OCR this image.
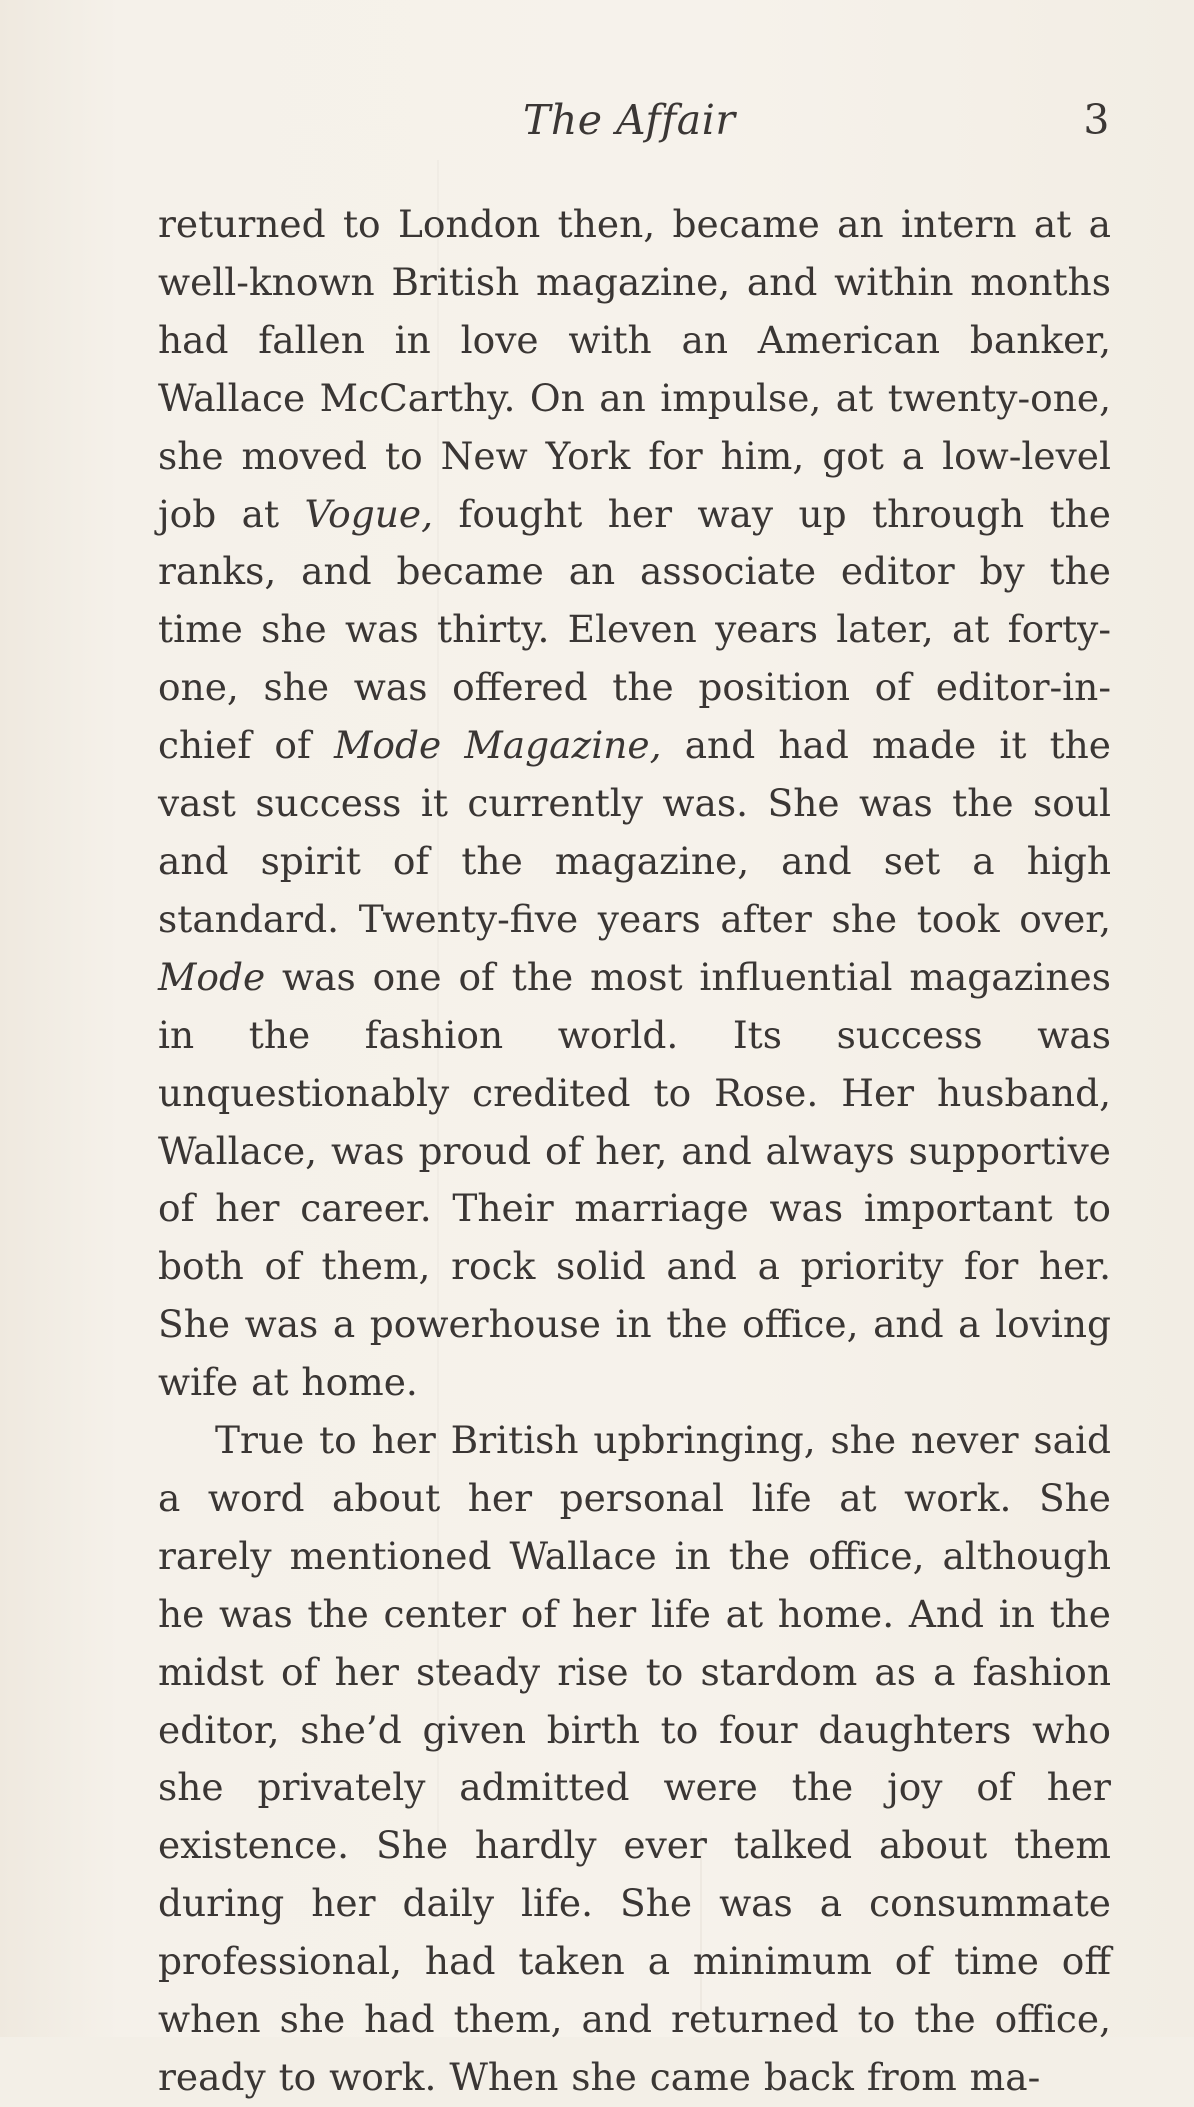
The Affair	3

returned to London then, became an intern at a well-known British magazine, and within months had fallen in love with an American banker, Wallace McCarthy. On an impulse, at twenty-one, she moved to New York for him, got a low-level job at Vogue, fought her way up through the ranks, and became an associate editor by the time she was thirty. Eleven years later, at forty-one, she was offered the position of editor-in-chief of Mode Magazine, and had made it the vast success it currently was. She was the soul and spirit of the magazine, and set a high standard. Twenty-five years after she took over, Mode was one of the most influential magazines in the fashion world. Its success was unquestionably credited to Rose. Her husband, Wallace, was proud of her, and always supportive of her career. Their marriage was important to both of them, rock solid and a priority for her. She was a powerhouse in the office, and a loving wife at home.

True to her British upbringing, she never said a word about her personal life at work. She rarely mentioned Wallace in the office, although he was the center of her life at home. And in the midst of her steady rise to stardom as a fashion editor, she’d given birth to four daughters who she privately admitted were the joy of her existence. She hardly ever talked about them during her daily life. She was a consummate professional, had taken a minimum of time off when she had them, and returned to the office, ready to work. When she came back from ma-
